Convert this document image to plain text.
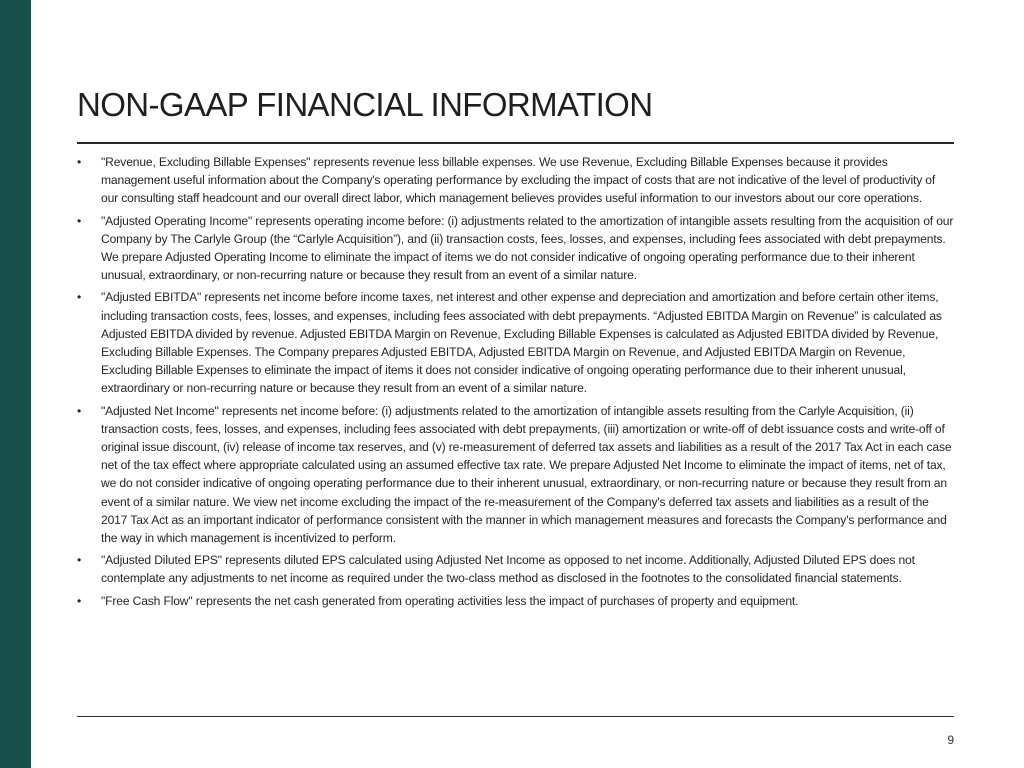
NON-GAAP FINANCIAL INFORMATION
•	"Revenue, Excluding Billable Expenses" represents revenue less billable expenses. We use Revenue, Excluding Billable Expenses because it provides management useful information about the Company's operating performance by excluding the impact of costs that are not indicative of the level of productivity of our consulting staff headcount and our overall direct labor, which management believes provides useful information to our investors about our core operations.
•	"Adjusted Operating Income" represents operating income before: (i) adjustments related to the amortization of intangible assets resulting from the acquisition of our Company by The Carlyle Group (the “Carlyle Acquisition”), and (ii) transaction costs, fees, losses, and expenses, including fees associated with debt prepayments. We prepare Adjusted Operating Income to eliminate the impact of items we do not consider indicative of ongoing operating performance due to their inherent unusual, extraordinary, or non-recurring nature or because they result from an event of a similar nature.
•	"Adjusted EBITDA" represents net income before income taxes, net interest and other expense and depreciation and amortization and before certain other items, including transaction costs, fees, losses, and expenses, including fees associated with debt prepayments. “Adjusted EBITDA Margin on Revenue” is calculated as Adjusted EBITDA divided by revenue. Adjusted EBITDA Margin on Revenue, Excluding Billable Expenses is calculated as Adjusted EBITDA divided by Revenue, Excluding Billable Expenses. The Company prepares Adjusted EBITDA, Adjusted EBITDA Margin on Revenue, and Adjusted EBITDA Margin on Revenue, Excluding Billable Expenses to eliminate the impact of items it does not consider indicative of ongoing operating performance due to their inherent unusual, extraordinary or non-recurring nature or because they result from an event of a similar nature.
•	"Adjusted Net Income" represents net income before: (i) adjustments related to the amortization of intangible assets resulting from the Carlyle Acquisition, (ii) transaction costs, fees, losses, and expenses, including fees associated with debt prepayments, (iii) amortization or write-off of debt issuance costs and write-off of original issue discount, (iv) release of income tax reserves, and (v) re-measurement of deferred tax assets and liabilities as a result of the 2017 Tax Act in each case net of the tax effect where appropriate calculated using an assumed effective tax rate. We prepare Adjusted Net Income to eliminate the impact of items, net of tax, we do not consider indicative of ongoing operating performance due to their inherent unusual, extraordinary, or non-recurring nature or because they result from an event of a similar nature. We view net income excluding the impact of the re-measurement of the Company's deferred tax assets and liabilities as a result of the 2017 Tax Act as an important indicator of performance consistent with the manner in which management measures and forecasts the Company's performance and the way in which management is incentivized to perform.
•	"Adjusted Diluted EPS" represents diluted EPS calculated using Adjusted Net Income as opposed to net income. Additionally, Adjusted Diluted EPS does not contemplate any adjustments to net income as required under the two-class method as disclosed in the footnotes to the consolidated financial statements.
•	"Free Cash Flow" represents the net cash generated from operating activities less the impact of purchases of property and equipment.
9
